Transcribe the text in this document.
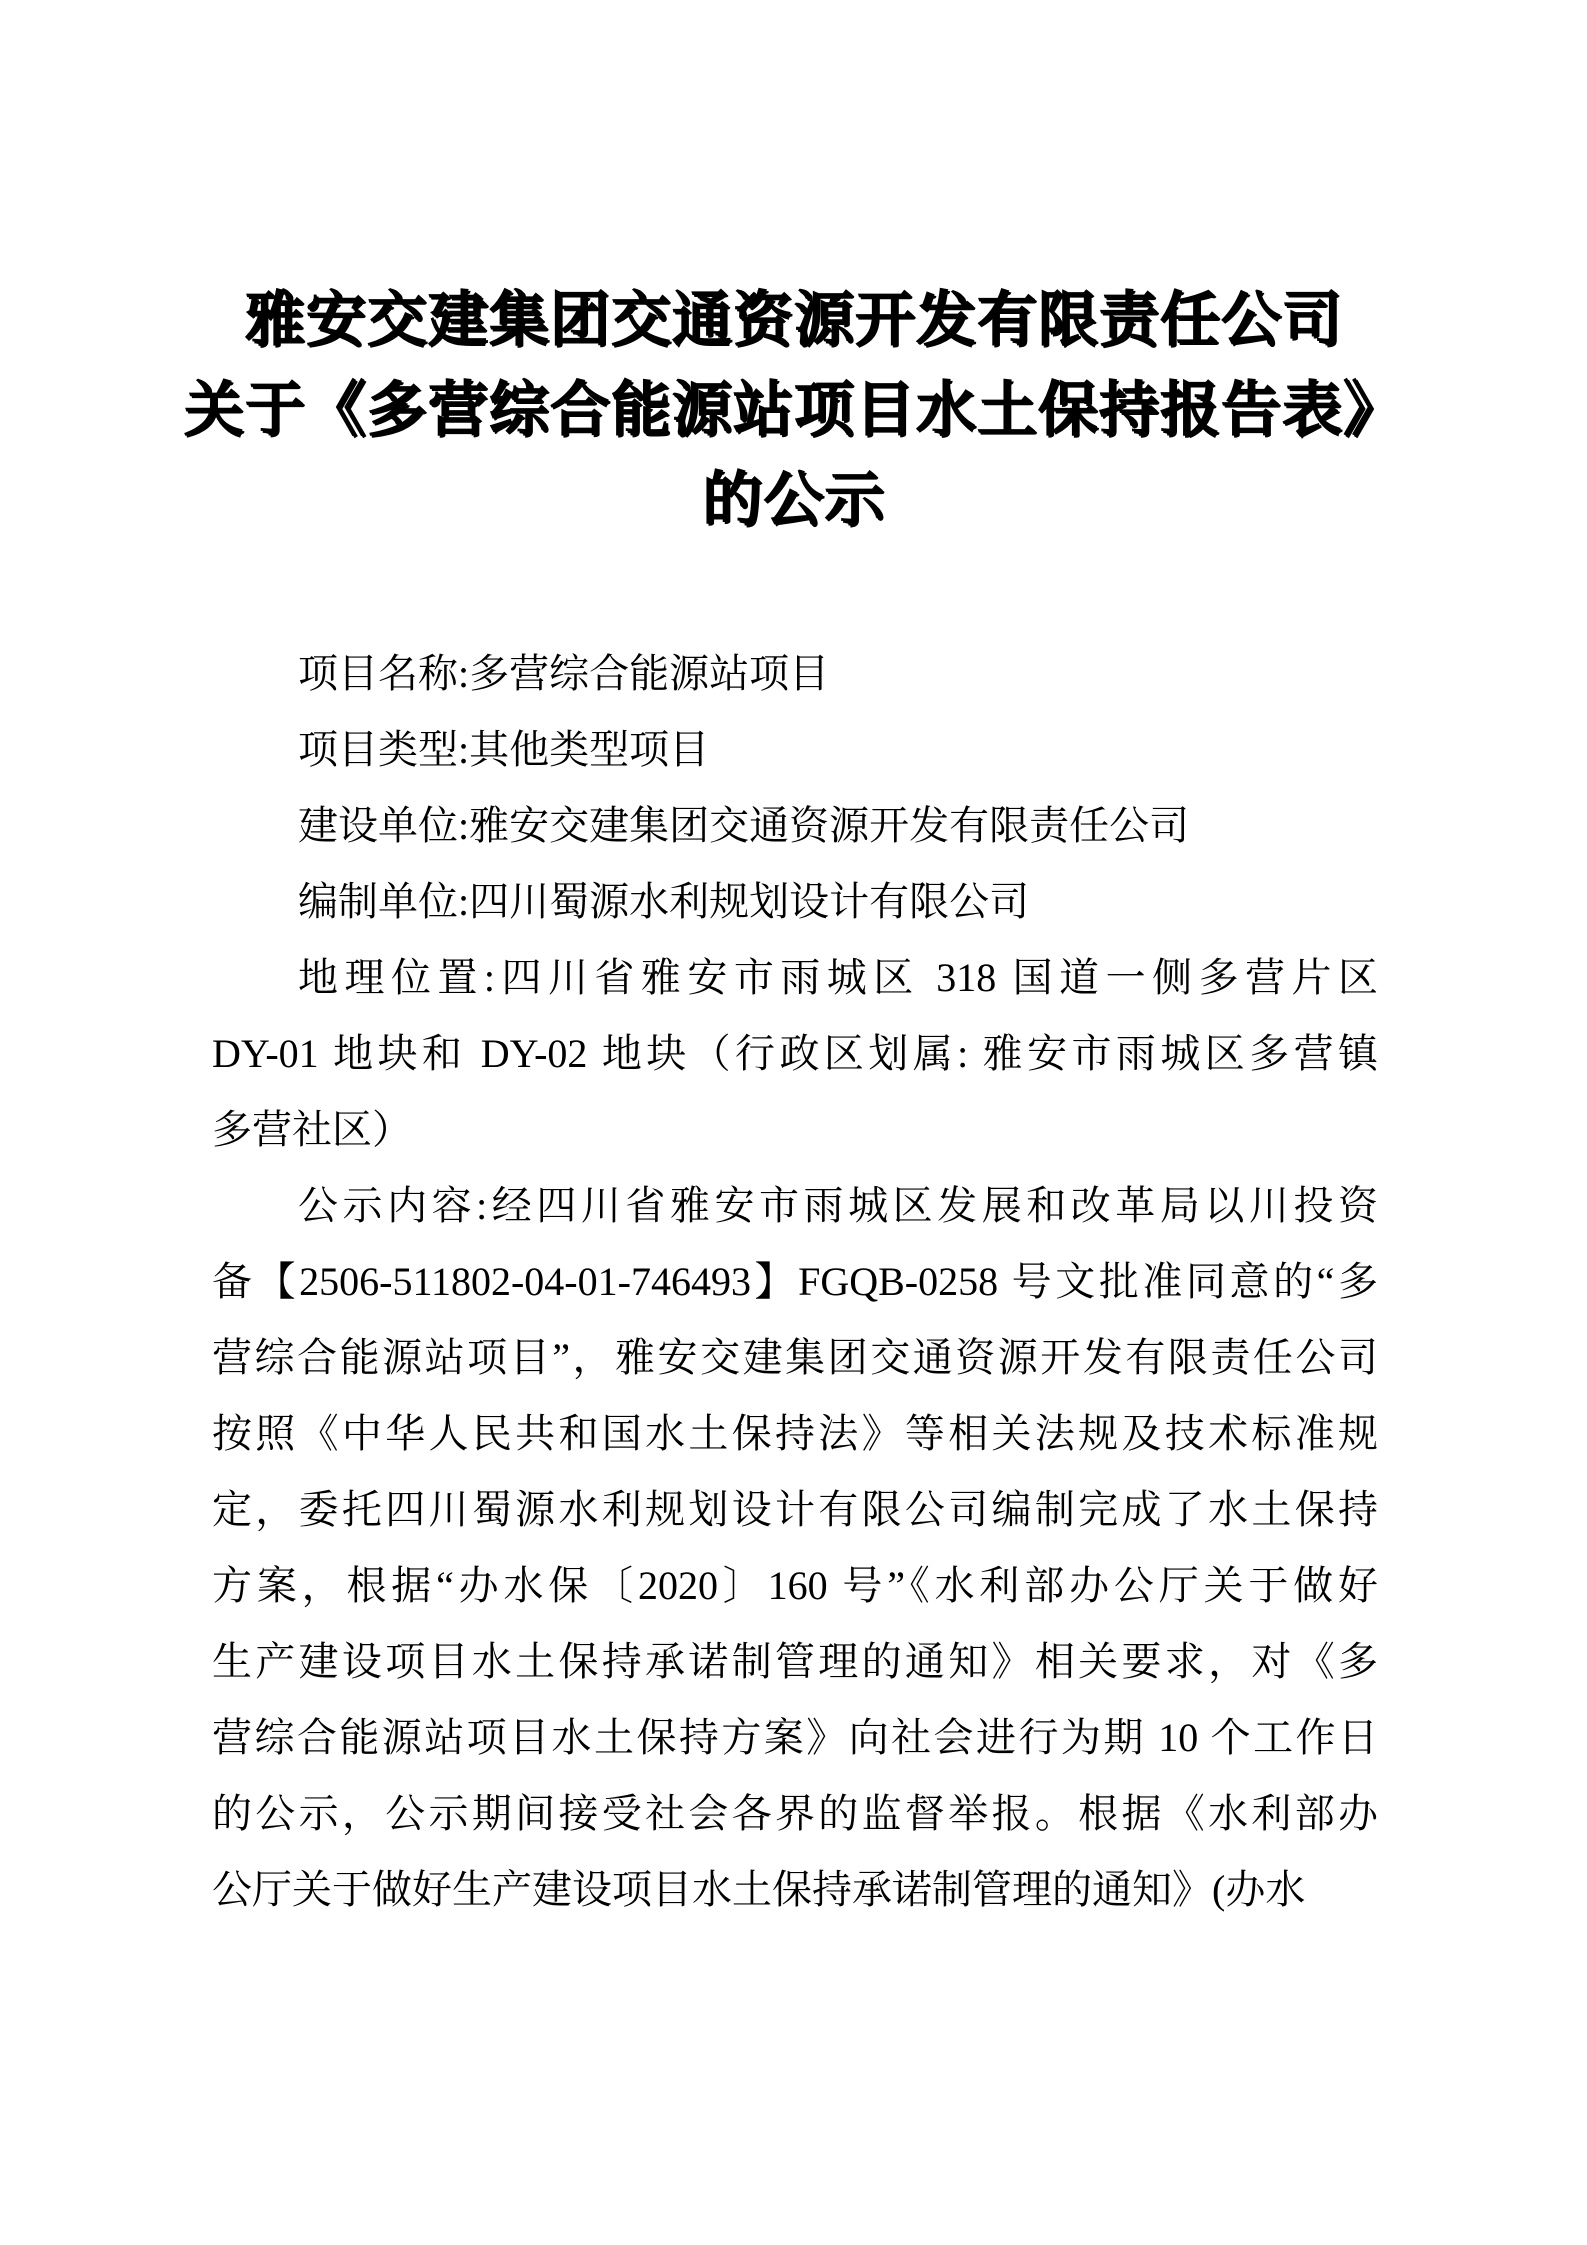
雅安交建集团交通资源开发有限责任公司
关于《多营综合能源站项目水土保持报告表》
的公示
项目名称:多营综合能源站项目
项目类型:其他类型项目
建设单位:雅安交建集团交通资源开发有限责任公司
编制单位:四川蜀源水利规划设计有限公司
地理位置:四川省雅安市雨城区 318 国道一侧多营片区
DY-01 地块和 DY-02 地块（行政区划属: 雅安市雨城区多营镇
多营社区）
公示内容:经四川省雅安市雨城区发展和改革局以川投资
备【2506-511802-04-01-746493】FGQB-0258 号文批准同意的“多
营综合能源站项目”，雅安交建集团交通资源开发有限责任公司
按照《中华人民共和国水土保持法》等相关法规及技术标准规
定，委托四川蜀源水利规划设计有限公司编制完成了水土保持
方案，根据“办水保〔2020〕160 号”《水利部办公厅关于做好
生产建设项目水土保持承诺制管理的通知》相关要求，对《多
营综合能源站项目水土保持方案》向社会进行为期 10 个工作日
的公示，公示期间接受社会各界的监督举报。根据《水利部办
公厅关于做好生产建设项目水土保持承诺制管理的通知》(办水
